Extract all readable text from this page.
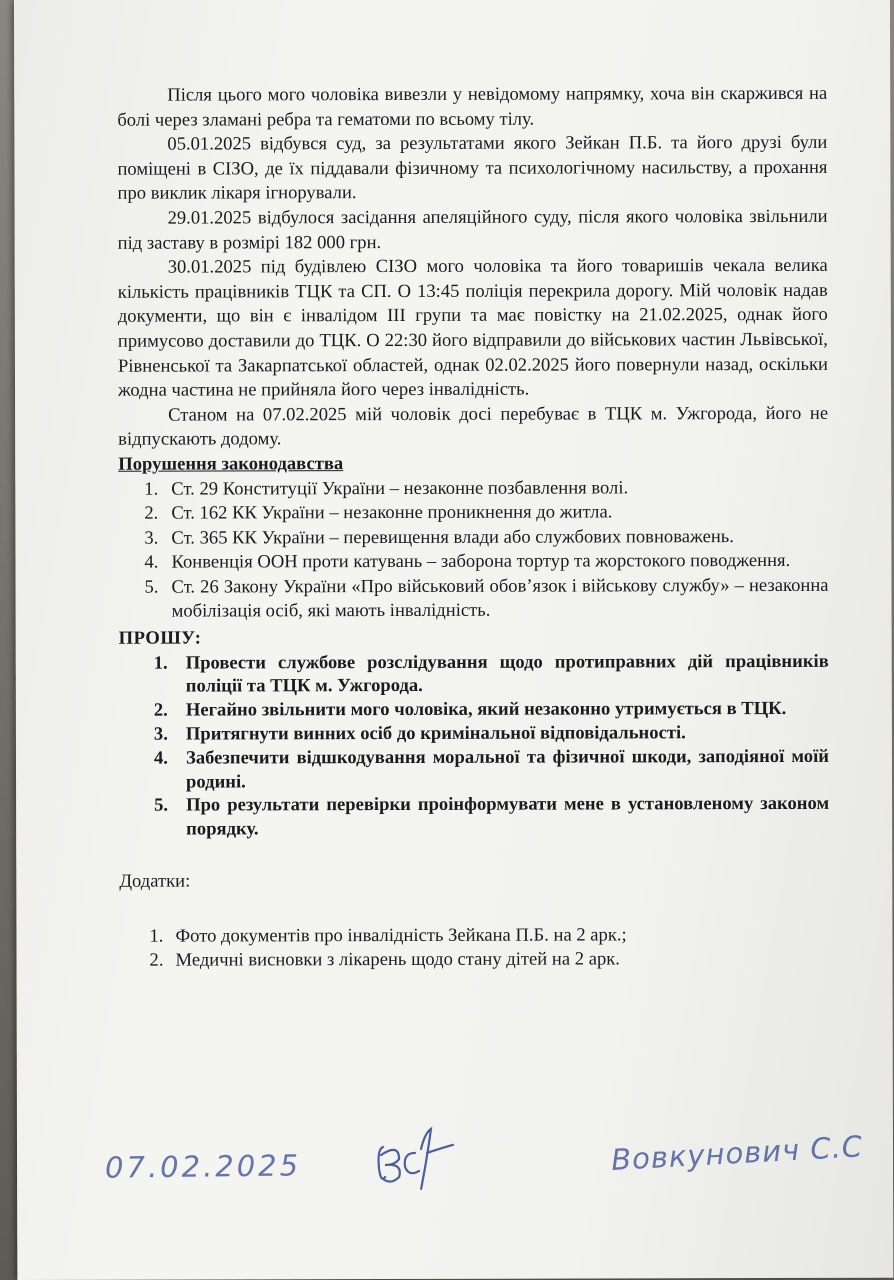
Після цього мого чоловіка вивезли у невідомому напрямку, хоча він скаржився на болі через зламані ребра та гематоми по всьому тілу.

05.01.2025 відбувся суд, за результатами якого Зейкан П.Б. та його друзі були поміщені в СІЗО, де їх піддавали фізичному та психологічному насильству, а прохання про виклик лікаря ігнорували.

29.01.2025 відбулося засідання апеляційного суду, після якого чоловіка звільнили під заставу в розмірі 182 000 грн.

30.01.2025 під будівлею СІЗО мого чоловіка та його товаришів чекала велика кількість працівників ТЦК та СП. О 13:45 поліція перекрила дорогу. Мій чоловік надав документи, що він є інвалідом ІІІ групи та має повістку на 21.02.2025, однак його примусово доставили до ТЦК. О 22:30 його відправили до військових частин Львівської, Рівненської та Закарпатської областей, однак 02.02.2025 його повернули назад, оскільки жодна частина не прийняла його через інвалідність.

Станом на 07.02.2025 мій чоловік досі перебуває в ТЦК м. Ужгорода, його не відпускають додому.

Порушення законодавства
1. Ст. 29 Конституції України – незаконне позбавлення волі.
2. Ст. 162 КК України – незаконне проникнення до житла.
3. Ст. 365 КК України – перевищення влади або службових повноважень.
4. Конвенція ООН проти катувань – заборона тортур та жорстокого поводження.
5. Ст. 26 Закону України «Про військовий обов’язок і військову службу» – незаконна мобілізація осіб, які мають інвалідність.
ПРОШУ:
1. Провести службове розслідування щодо протиправних дій працівників поліції та ТЦК м. Ужгорода.
2. Негайно звільнити мого чоловіка, який незаконно утримується в ТЦК.
3. Притягнути винних осіб до кримінальної відповідальності.
4. Забезпечити відшкодування моральної та фізичної шкоди, заподіяної моїй родині.
5. Про результати перевірки проінформувати мене в установленому законом порядку.
Додатки:
1. Фото документів про інвалідність Зейкана П.Б. на 2 арк.;
2. Медичні висновки з лікарень щодо стану дітей на 2 арк.
07.02.2025	Вовкунович С.С
